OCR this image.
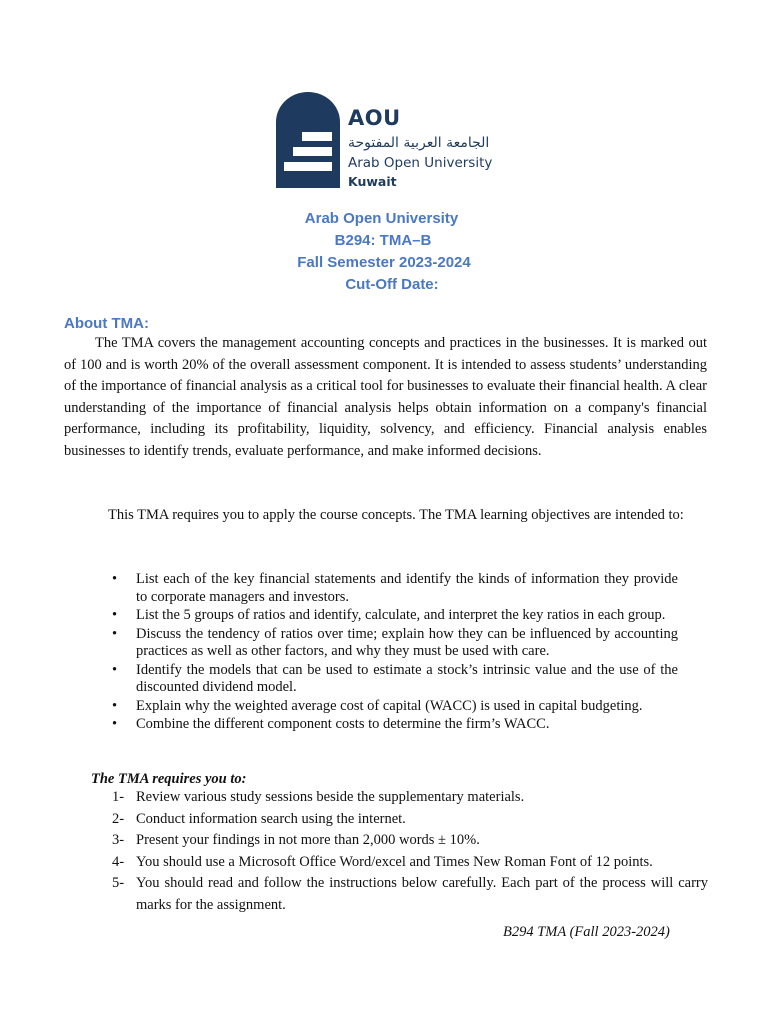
AOU
الجامعة العربية المفتوحة
Arab Open University
Kuwait
Arab Open University
B294: TMA–B
Fall Semester 2023-2024
Cut-Off Date:
About TMA:

The TMA covers the management accounting concepts and practices in the businesses. It is marked out of 100 and is worth 20% of the overall assessment component. It is intended to assess students’ understanding of the importance of financial analysis as a critical tool for businesses to evaluate their financial health. A clear understanding of the importance of financial analysis helps obtain information on a company's financial performance, including its profitability, liquidity, solvency, and efficiency. Financial analysis enables businesses to identify trends, evaluate performance, and make informed decisions.

This TMA requires you to apply the course concepts. The TMA learning objectives are intended to:

• List each of the key financial statements and identify the kinds of information they provide to corporate managers and investors.
• List the 5 groups of ratios and identify, calculate, and interpret the key ratios in each group.
• Discuss the tendency of ratios over time; explain how they can be influenced by accounting practices as well as other factors, and why they must be used with care.
• Identify the models that can be used to estimate a stock’s intrinsic value and the use of the discounted dividend model.
• Explain why the weighted average cost of capital (WACC) is used in capital budgeting.
• Combine the different component costs to determine the firm’s WACC.
The TMA requires you to:
1- Review various study sessions beside the supplementary materials.
2- Conduct information search using the internet.
3- Present your findings in not more than 2,000 words ± 10%.
4- You should use a Microsoft Office Word/excel and Times New Roman Font of 12 points.
5- You should read and follow the instructions below carefully. Each part of the process will carry marks for the assignment.
B294 TMA (Fall 2023-2024)
